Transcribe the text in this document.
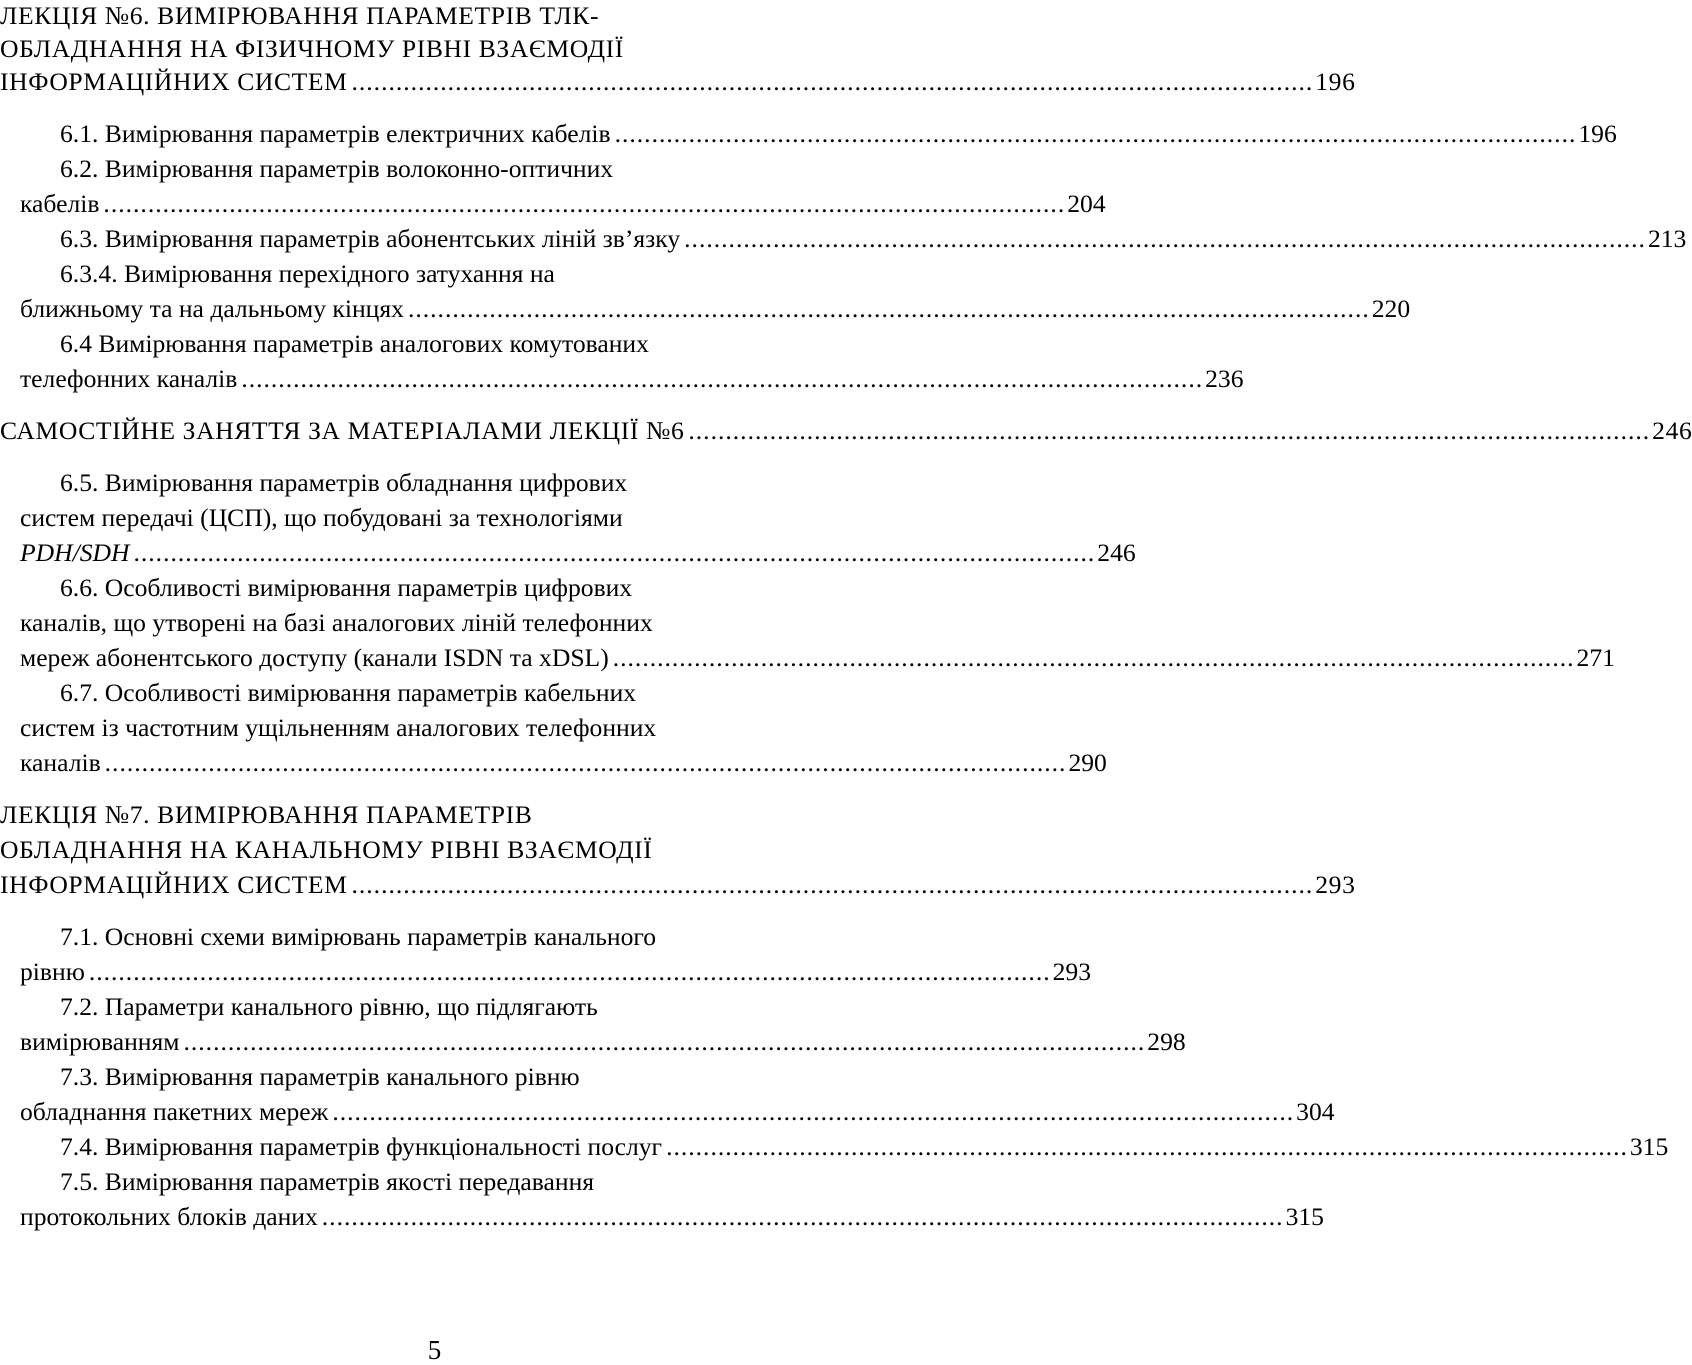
ЛЕКЦІЯ №6. ВИМІРЮВАННЯ ПАРАМЕТРІВ ТЛК-
ОБЛАДНАННЯ НА ФІЗИЧНОМУ РІВНІ ВЗАЄМОДІЇ
ІНФОРМАЦІЙНИХ СИСТЕМ .................................................................................................................................. 196
6.1. Вимірювання параметрів електричних кабелів .................................................................................................................................. 196
6.2. Вимірювання параметрів волоконно-оптичних
кабелів .................................................................................................................................. 204
6.3. Вимірювання параметрів абонентських ліній зв’язку .................................................................................................................................. 213
6.3.4. Вимірювання перехідного затухання на
ближньому та на дальньому кінцях .................................................................................................................................. 220
6.4 Вимірювання параметрів аналогових комутованих
телефонних каналів .................................................................................................................................. 236
САМОСТІЙНЕ ЗАНЯТТЯ ЗА МАТЕРІАЛАМИ ЛЕКЦІЇ №6 .................................................................................................................................. 246
6.5. Вимірювання параметрів обладнання цифрових
систем передачі (ЦСП), що побудовані за технологіями
PDH/SDH .................................................................................................................................. 246
6.6. Особливості вимірювання параметрів цифрових
каналів, що утворені на базі аналогових ліній телефонних
мереж абонентського доступу (канали ISDN та xDSL) .................................................................................................................................. 271
6.7. Особливості вимірювання параметрів кабельних
систем із частотним ущільненням аналогових телефонних
каналів .................................................................................................................................. 290
ЛЕКЦІЯ №7. ВИМІРЮВАННЯ ПАРАМЕТРІВ
ОБЛАДНАННЯ НА КАНАЛЬНОМУ РІВНІ ВЗАЄМОДІЇ
ІНФОРМАЦІЙНИХ СИСТЕМ .................................................................................................................................. 293
7.1. Основні схеми вимірювань параметрів канального
рівню .................................................................................................................................. 293
7.2. Параметри канального рівню, що підлягають
вимірюванням .................................................................................................................................. 298
7.3. Вимірювання параметрів канального рівню
обладнання пакетних мереж .................................................................................................................................. 304
7.4. Вимірювання параметрів функціональності послуг .................................................................................................................................. 315
7.5. Вимірювання параметрів якості передавання
протокольних блоків даних .................................................................................................................................. 315
5
